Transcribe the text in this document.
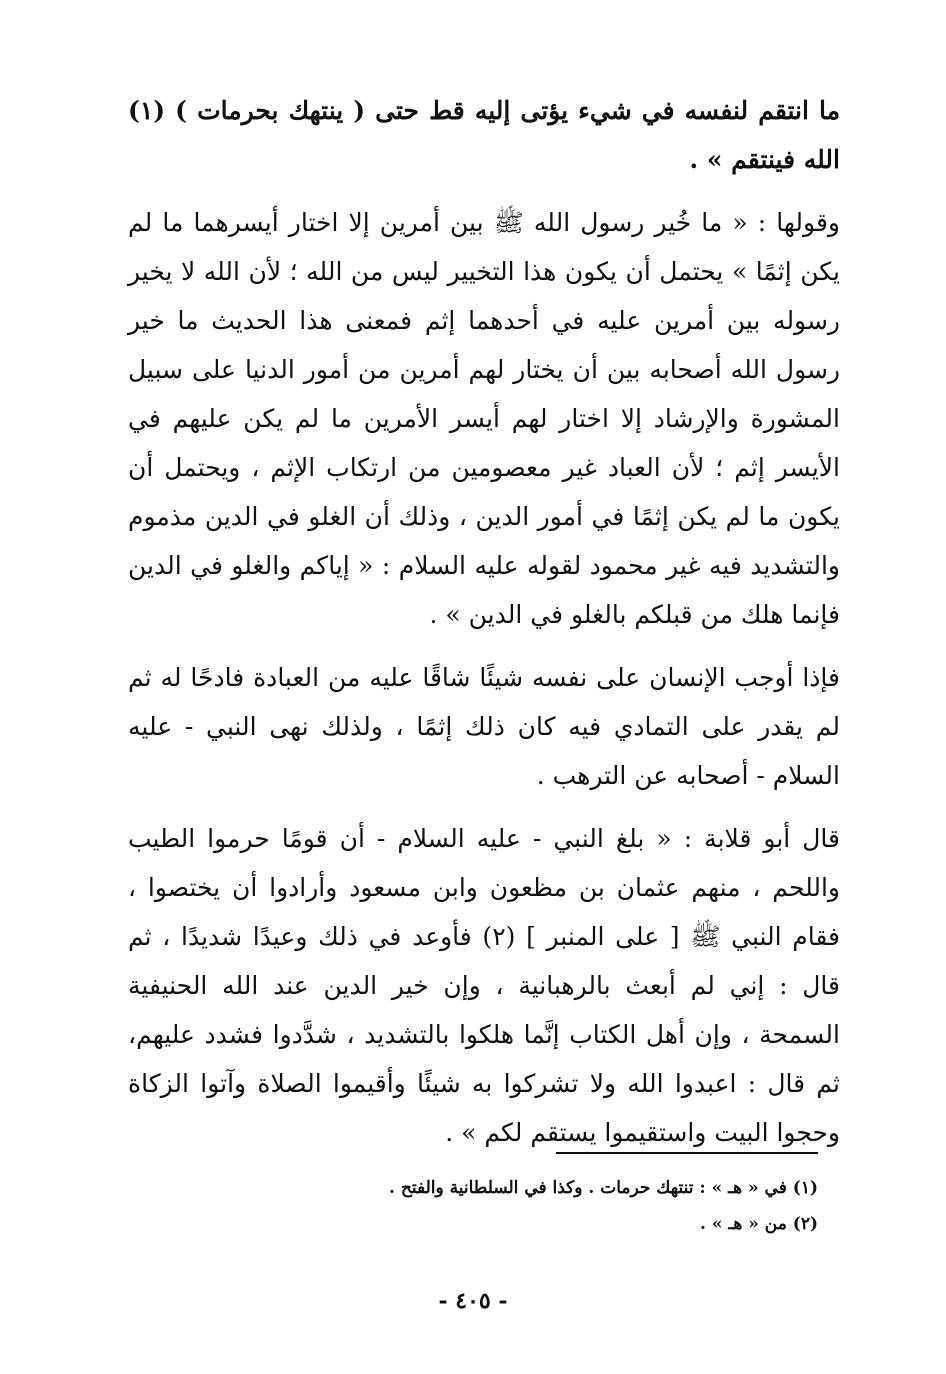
ما انتقم لنفسه في شيء يؤتى إليه قط حتى ( ينتهك بحرمات ) (١) الله فينتقم » .

وقولها : « ما خُير رسول الله ﷺ بين أمرين إلا اختار أيسرهما ما لم يكن إثمًا » يحتمل أن يكون هذا التخيير ليس من الله ؛ لأن الله لا يخير رسوله بين أمرين عليه في أحدهما إثم فمعنى هذا الحديث ما خير رسول الله أصحابه بين أن يختار لهم أمرين من أمور الدنيا على سبيل المشورة والإرشاد إلا اختار لهم أيسر الأمرين ما لم يكن عليهم في الأيسر إثم ؛ لأن العباد غير معصومين من ارتكاب الإثم ، ويحتمل أن يكون ما لم يكن إثمًا في أمور الدين ، وذلك أن الغلو في الدين مذموم والتشديد فيه غير محمود لقوله عليه السلام : « إياكم والغلو في الدين فإنما هلك من قبلكم بالغلو في الدين » .

فإذا أوجب الإنسان على نفسه شيئًا شاقًا عليه من العبادة فادحًا له ثم لم يقدر على التمادي فيه كان ذلك إثمًا ، ولذلك نهى النبي - عليه السلام - أصحابه عن الترهب .

قال أبو قلابة : « بلغ النبي - عليه السلام - أن قومًا حرموا الطيب واللحم ، منهم عثمان بن مظعون وابن مسعود وأرادوا أن يختصوا ، فقام النبي ﷺ [ على المنبر ] (٢) فأوعد في ذلك وعيدًا شديدًا ، ثم قال : إني لم أبعث بالرهبانية ، وإن خير الدين عند الله الحنيفية السمحة ، وإن أهل الكتاب إنَّما هلكوا بالتشديد ، شدَّدوا فشدد عليهم، ثم قال : اعبدوا الله ولا تشركوا به شيئًا وأقيموا الصلاة وآتوا الزكاة وحجوا البيت واستقيموا يستقم لكم » .

(١) في « هـ » : تنتهك حرمات . وكذا في السلطانية والفتح .

(٢) من « هـ » .

- ٤٠٥ -
